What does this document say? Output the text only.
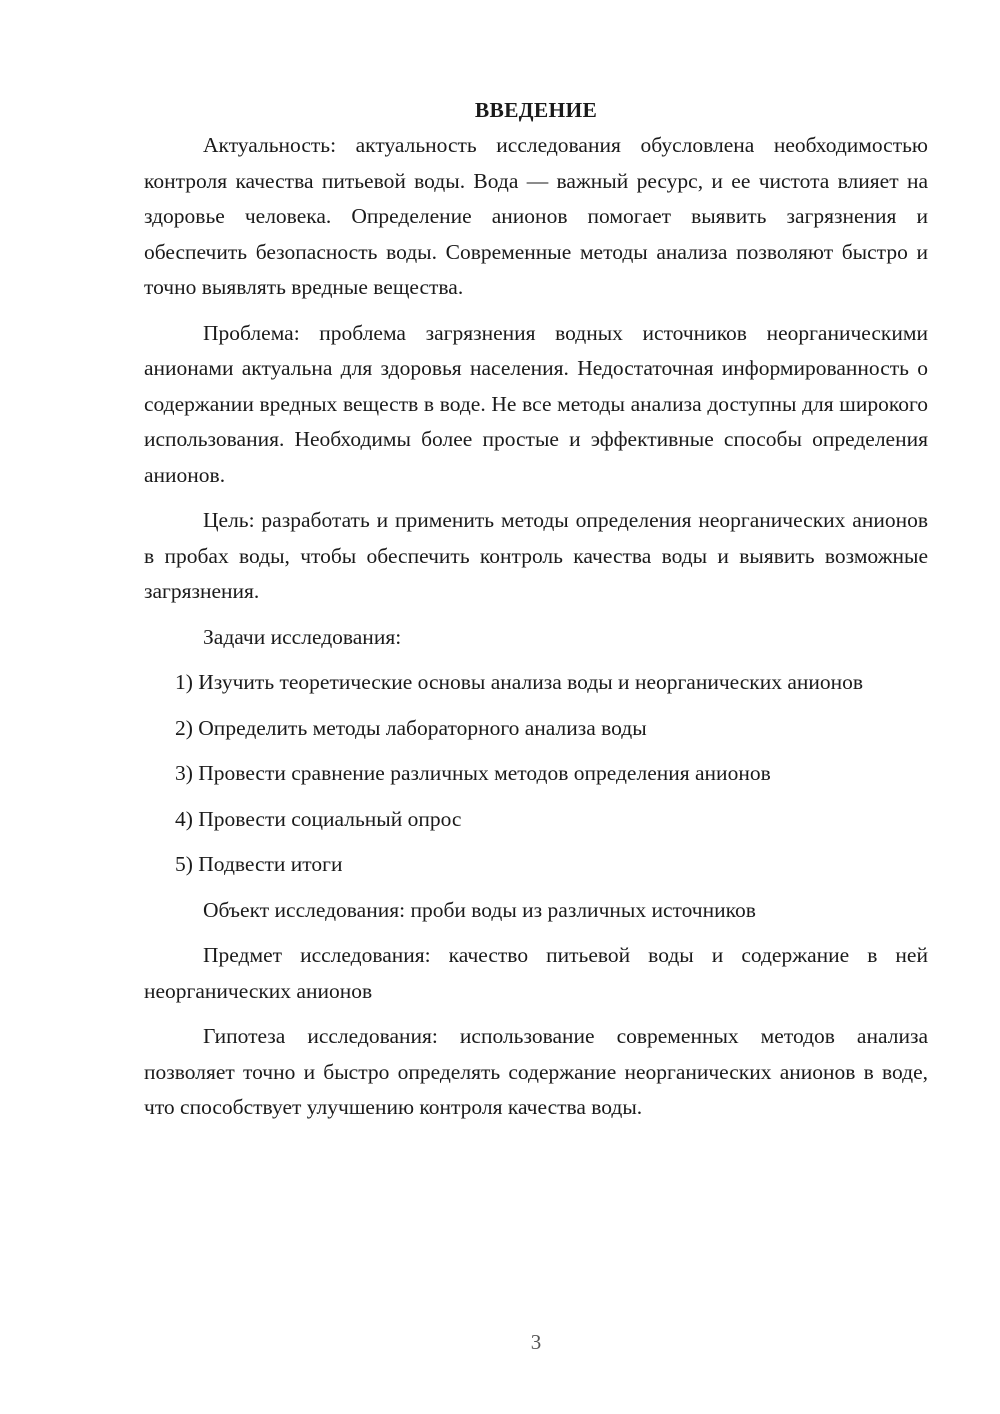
ВВЕДЕНИЕ

Актуальность: актуальность исследования обусловлена необходимостью контроля качества питьевой воды. Вода — важный ресурс, и ее чистота влияет на здоровье человека. Определение анионов помогает выявить загрязнения и обеспечить безопасность воды. Современные методы анализа позволяют быстро и точно выявлять вредные вещества.

Проблема: проблема загрязнения водных источников неорганическими анионами актуальна для здоровья населения. Недостаточная информированность о содержании вредных веществ в воде. Не все методы анализа доступны для широкого использования. Необходимы более простые и эффективные способы определения анионов.

Цель: разработать и применить методы определения неорганических анионов в пробах воды, чтобы обеспечить контроль качества воды и выявить возможные загрязнения.

Задачи исследования:

1) Изучить теоретические основы анализа воды и неорганических анионов

2) Определить методы лабораторного анализа воды

3) Провести сравнение различных методов определения анионов

4) Провести социальный опрос

5) Подвести итоги

Объект исследования: проби воды из различных источников

Предмет исследования: качество питьевой воды и содержание в ней неорганических анионов

Гипотеза исследования: использование современных методов анализа позволяет точно и быстро определять содержание неорганических анионов в воде, что способствует улучшению контроля качества воды.

3
